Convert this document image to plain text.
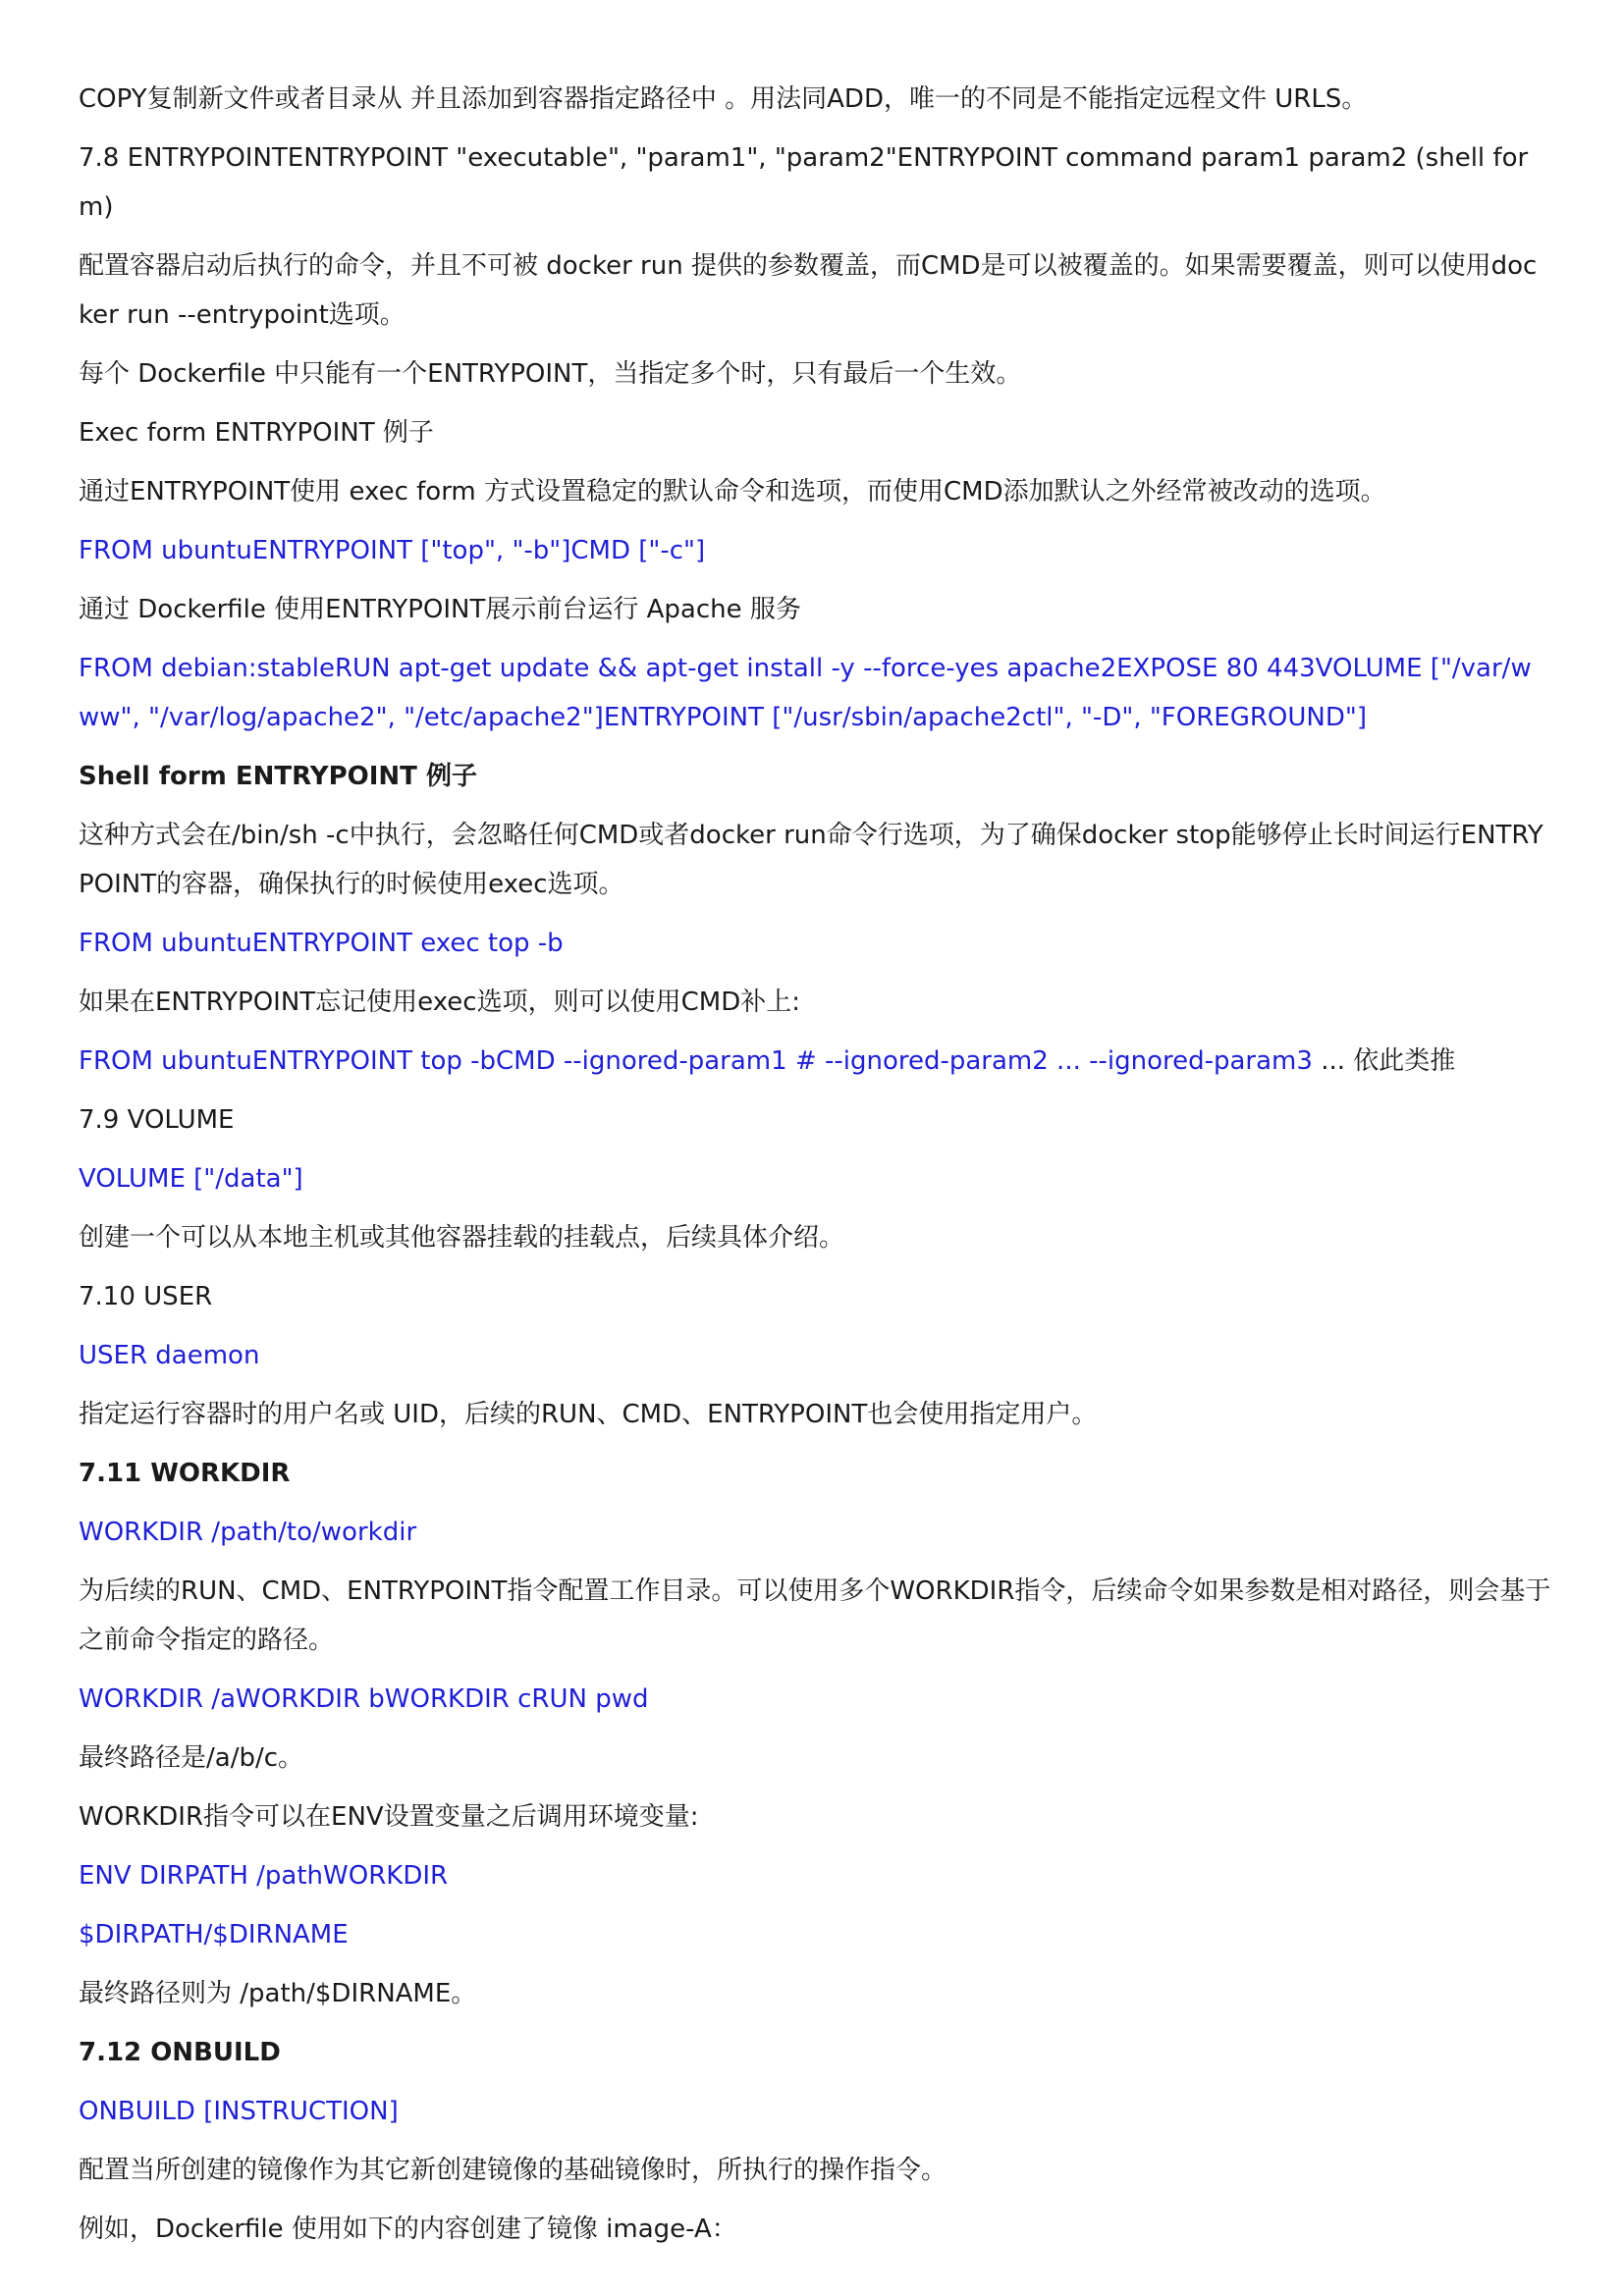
COPY复制新文件或者目录从 并且添加到容器指定路径中 。用法同ADD，唯一的不同是不能指定远程文件 URLS。

7.8 ENTRYPOINTENTRYPOINT "executable", "param1", "param2"ENTRYPOINT command param1 param2 (shell form)

配置容器启动后执行的命令，并且不可被 docker run 提供的参数覆盖，而CMD是可以被覆盖的。如果需要覆盖，则可以使用docker run --entrypoint选项。

每个 Dockerfile 中只能有一个ENTRYPOINT，当指定多个时，只有最后一个生效。

Exec form ENTRYPOINT 例子

通过ENTRYPOINT使用 exec form 方式设置稳定的默认命令和选项，而使用CMD添加默认之外经常被改动的选项。

FROM ubuntuENTRYPOINT ["top", "-b"]CMD ["-c"]

通过 Dockerfile 使用ENTRYPOINT展示前台运行 Apache 服务

FROM debian:stableRUN apt-get update && apt-get install -y --force-yes apache2EXPOSE 80 443VOLUME ["/var/www", "/var/log/apache2", "/etc/apache2"]ENTRYPOINT ["/usr/sbin/apache2ctl", "-D", "FOREGROUND"]

Shell form ENTRYPOINT 例子

这种方式会在/bin/sh -c中执行，会忽略任何CMD或者docker run命令行选项，为了确保docker stop能够停止长时间运行ENTRYPOINT的容器，确保执行的时候使用exec选项。

FROM ubuntuENTRYPOINT exec top -b

如果在ENTRYPOINT忘记使用exec选项，则可以使用CMD补上:

FROM ubuntuENTRYPOINT top -bCMD --ignored-param1 # --ignored-param2 ... --ignored-param3 ... 依此类推

7.9 VOLUME

VOLUME ["/data"]

创建一个可以从本地主机或其他容器挂载的挂载点，后续具体介绍。

7.10 USER

USER daemon

指定运行容器时的用户名或 UID，后续的RUN、CMD、ENTRYPOINT也会使用指定用户。

7.11 WORKDIR

WORKDIR /path/to/workdir

为后续的RUN、CMD、ENTRYPOINT指令配置工作目录。可以使用多个WORKDIR指令，后续命令如果参数是相对路径，则会基于之前命令指定的路径。

WORKDIR /aWORKDIR bWORKDIR cRUN pwd

最终路径是/a/b/c。

WORKDIR指令可以在ENV设置变量之后调用环境变量:

ENV DIRPATH /pathWORKDIR

$DIRPATH/$DIRNAME

最终路径则为 /path/$DIRNAME。

7.12 ONBUILD

ONBUILD [INSTRUCTION]

配置当所创建的镜像作为其它新创建镜像的基础镜像时，所执行的操作指令。

例如，Dockerfile 使用如下的内容创建了镜像 image-A：
